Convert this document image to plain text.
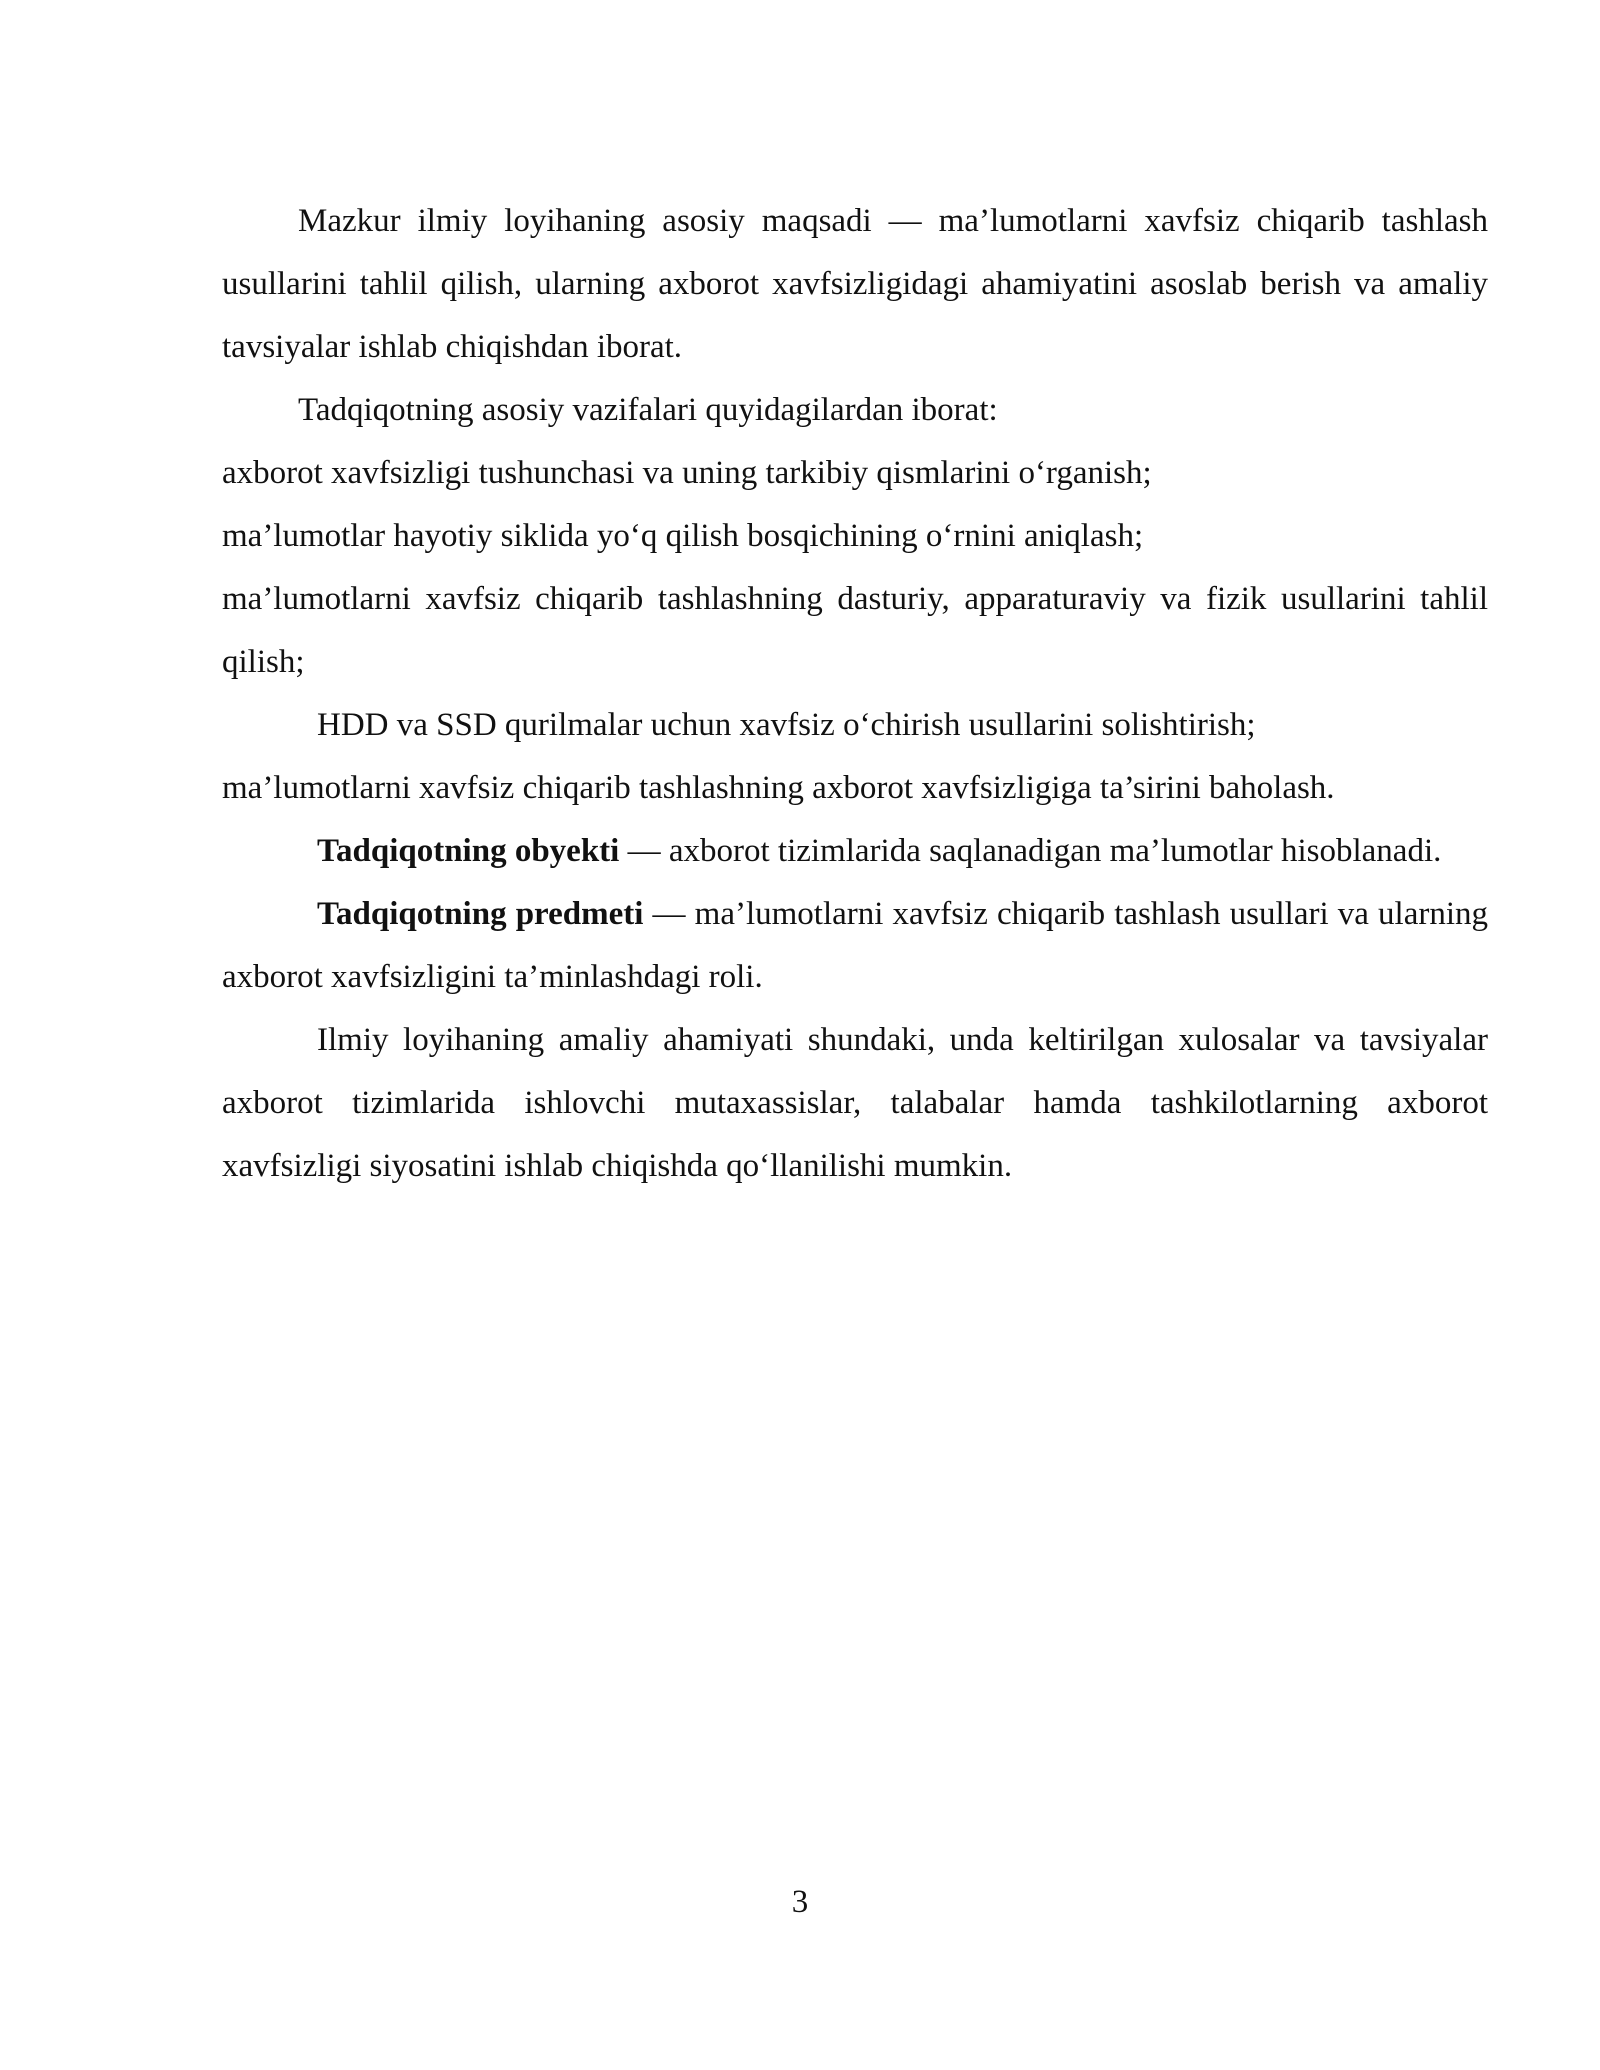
Mazkur ilmiy loyihaning asosiy maqsadi — ma’lumotlarni xavfsiz chiqarib tashlash usullarini tahlil qilish, ularning axborot xavfsizligidagi ahamiyatini asoslab berish va amaliy tavsiyalar ishlab chiqishdan iborat.

Tadqiqotning asosiy vazifalari quyidagilardan iborat:

axborot xavfsizligi tushunchasi va uning tarkibiy qismlarini o‘rganish;

ma’lumotlar hayotiy siklida yo‘q qilish bosqichining o‘rnini aniqlash;

ma’lumotlarni xavfsiz chiqarib tashlashning dasturiy, apparaturaviy va fizik usullarini tahlil qilish;

HDD va SSD qurilmalar uchun xavfsiz o‘chirish usullarini solishtirish;

ma’lumotlarni xavfsiz chiqarib tashlashning axborot xavfsizligiga ta’sirini baholash.

Tadqiqotning obyekti — axborot tizimlarida saqlanadigan ma’lumotlar hisoblanadi.

Tadqiqotning predmeti — ma’lumotlarni xavfsiz chiqarib tashlash usullari va ularning axborot xavfsizligini ta’minlashdagi roli.

Ilmiy loyihaning amaliy ahamiyati shundaki, unda keltirilgan xulosalar va tavsiyalar axborot tizimlarida ishlovchi mutaxassislar, talabalar hamda tashkilotlarning axborot xavfsizligi siyosatini ishlab chiqishda qo‘llanilishi mumkin.

3
